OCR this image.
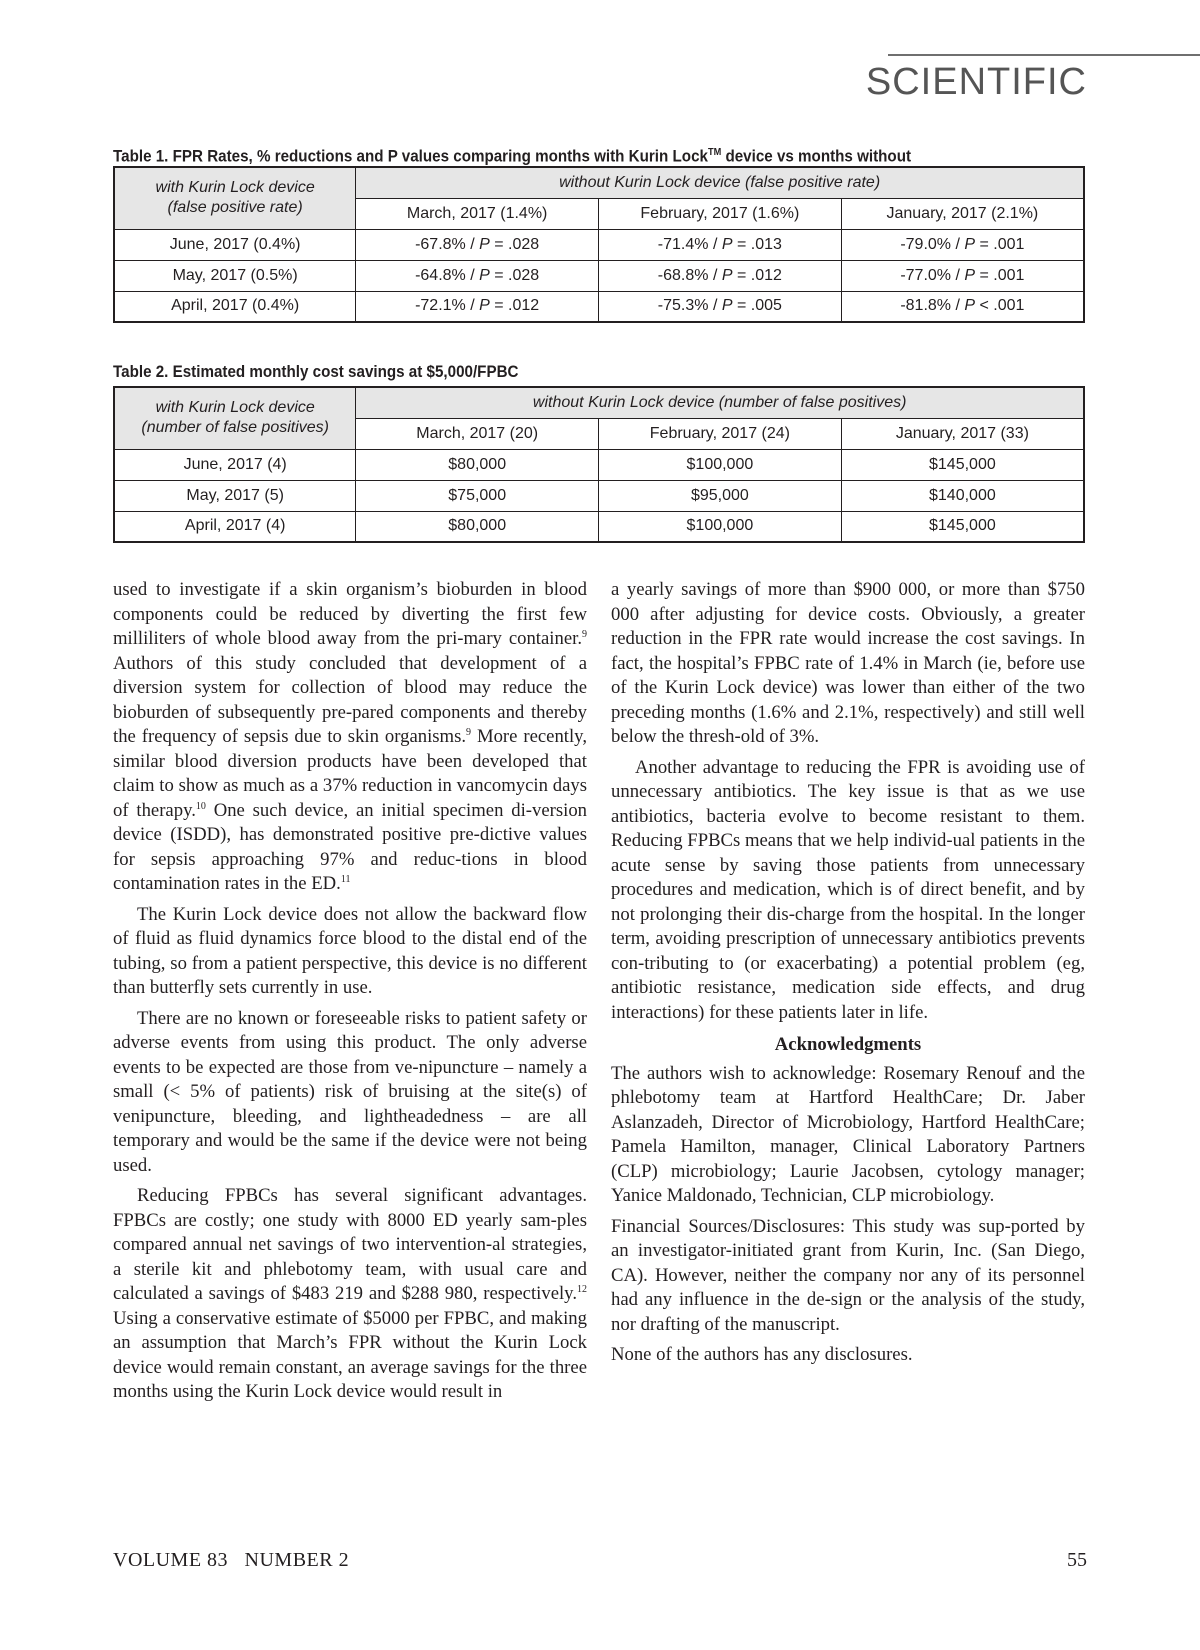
SCIENTIFIC
Table 1. FPR Rates, % reductions and P values comparing months with Kurin Lock™ device vs months without
with Kurin Lock device
(false positive rate)	without Kurin Lock device (false positive rate)		
	March, 2017 (1.4%)	February, 2017 (1.6%)	January, 2017 (2.1%)
June, 2017 (0.4%)	-67.8% / P = .028	-71.4% / P = .013	-79.0% / P = .001
May, 2017 (0.5%)	-64.8% / P = .028	-68.8% / P = .012	-77.0% / P = .001
April, 2017 (0.4%)	-72.1% / P = .012	-75.3% / P = .005	-81.8% / P < .001
Table 2. Estimated monthly cost savings at $5,000/FPBC
with Kurin Lock device
(number of false positives)	without Kurin Lock device (number of false positives)		
	March, 2017 (20)	February, 2017 (24)	January, 2017 (33)
June, 2017 (4)	$80,000	$100,000	$145,000
May, 2017 (5)	$75,000	$95,000	$140,000
April, 2017 (4)	$80,000	$100,000	$145,000

used to investigate if a skin organism’s bioburden in blood components could be reduced by diverting the first few milliliters of whole blood away from the pri-mary container.$^9$ Authors of this study concluded that development of a diversion system for collection of blood may reduce the bioburden of subsequently pre-pared components and thereby the frequency of sepsis due to skin organisms.$^9$ More recently, similar blood diversion products have been developed that claim to show as much as a 37% reduction in vancomycin days of therapy.$^{10}$ One such device, an initial specimen di-version device (ISDD), has demonstrated positive pre-dictive values for sepsis approaching 97% and reduc-tions in blood contamination rates in the ED.$^{11}$

The Kurin Lock device does not allow the backward flow of fluid as fluid dynamics force blood to the distal end of the tubing, so from a patient perspective, this device is no different than butterfly sets currently in use.

There are no known or foreseeable risks to patient safety or adverse events from using this product. The only adverse events to be expected are those from ve-nipuncture – namely a small (< 5% of patients) risk of bruising at the site(s) of venipuncture, bleeding, and lightheadedness – are all temporary and would be the same if the device were not being used.

Reducing FPBCs has several significant advantages. FPBCs are costly; one study with 8000 ED yearly sam-ples compared annual net savings of two intervention-al strategies, a sterile kit and phlebotomy team, with usual care and calculated a savings of $483 219 and $288 980, respectively.$^{12}$ Using a conservative estimate of $5000 per FPBC, and making an assumption that March’s FPR without the Kurin Lock device would remain constant, an average savings for the three months using the Kurin Lock device would result in

a yearly savings of more than $900 000, or more than $750 000 after adjusting for device costs. Obviously, a greater reduction in the FPR rate would increase the cost savings. In fact, the hospital’s FPBC rate of 1.4% in March (ie, before use of the Kurin Lock device) was lower than either of the two preceding months (1.6% and 2.1%, respectively) and still well below the thresh-old of 3%.

Another advantage to reducing the FPR is avoiding use of unnecessary antibiotics. The key issue is that as we use antibiotics, bacteria evolve to become resistant to them. Reducing FPBCs means that we help individ-ual patients in the acute sense by saving those patients from unnecessary procedures and medication, which is of direct benefit, and by not prolonging their dis-charge from the hospital. In the longer term, avoiding prescription of unnecessary antibiotics prevents con-tributing to (or exacerbating) a potential problem (eg, antibiotic resistance, medication side effects, and drug interactions) for these patients later in life.

Acknowledgments

The authors wish to acknowledge: Rosemary Renouf and the phlebotomy team at Hartford HealthCare; Dr. Jaber Aslanzadeh, Director of Microbiology, Hartford HealthCare; Pamela Hamilton, manager, Clinical Laboratory Partners (CLP) microbiology; Laurie Jacobsen, cytology manager; Yanice Maldonado, Technician, CLP microbiology.

Financial Sources/Disclosures: This study was sup-ported by an investigator-initiated grant from Kurin, Inc. (San Diego, CA). However, neither the company nor any of its personnel had any influence in the de-sign or the analysis of the study, nor drafting of the manuscript.

None of the authors has any disclosures.

VOLUME 83   NUMBER 2	55
